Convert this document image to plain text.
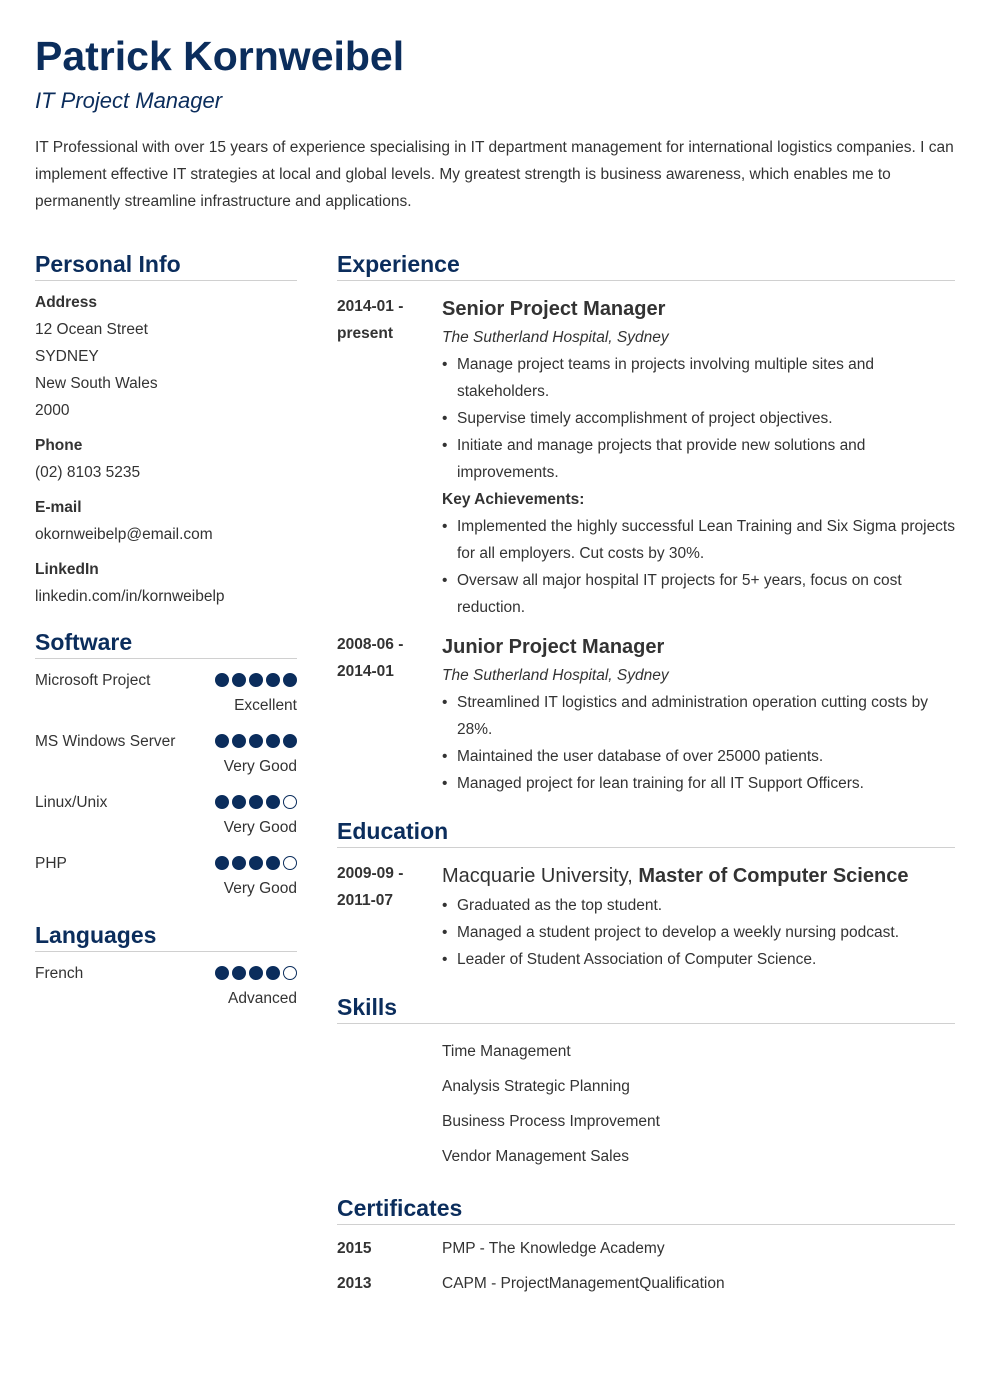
Patrick Kornweibel
IT Project Manager

IT Professional with over 15 years of experience specialising in IT department management for international logistics companies. I can implement effective IT strategies at local and global levels. My greatest strength is business awareness, which enables me to permanently streamline infrastructure and applications.

Personal Info
Address
12 Ocean Street
SYDNEY
New South Wales
2000
Phone
(02) 8103 5235
E-mail
okornweibelp@email.com
LinkedIn
linkedin.com/in/kornweibelp
Software
Microsoft Project
Excellent
MS Windows Server
Very Good
Linux/Unix
Very Good
PHP
Very Good
Languages
French
Advanced
Experience
2014-01 -
present
Senior Project Manager
The Sutherland Hospital, Sydney
• Manage project teams in projects involving multiple sites and stakeholders.
• Supervise timely accomplishment of project objectives.
• Initiate and manage projects that provide new solutions and improvements.
Key Achievements:
• Implemented the highly successful Lean Training and Six Sigma projects for all employers. Cut costs by 30%.
• Oversaw all major hospital IT projects for 5+ years, focus on cost reduction.
2008-06 -
2014-01
Junior Project Manager
The Sutherland Hospital, Sydney
• Streamlined IT logistics and administration operation cutting costs by 28%.
• Maintained the user database of over 25000 patients.
• Managed project for lean training for all IT Support Officers.
Education
2009-09 -
2011-07
Macquarie University, Master of Computer Science
• Graduated as the top student.
• Managed a student project to develop a weekly nursing podcast.
• Leader of Student Association of Computer Science.
Skills
Time Management
Analysis Strategic Planning
Business Process Improvement
Vendor Management Sales
Certificates
2015	PMP - The Knowledge Academy
2013	CAPM - ProjectManagementQualification
